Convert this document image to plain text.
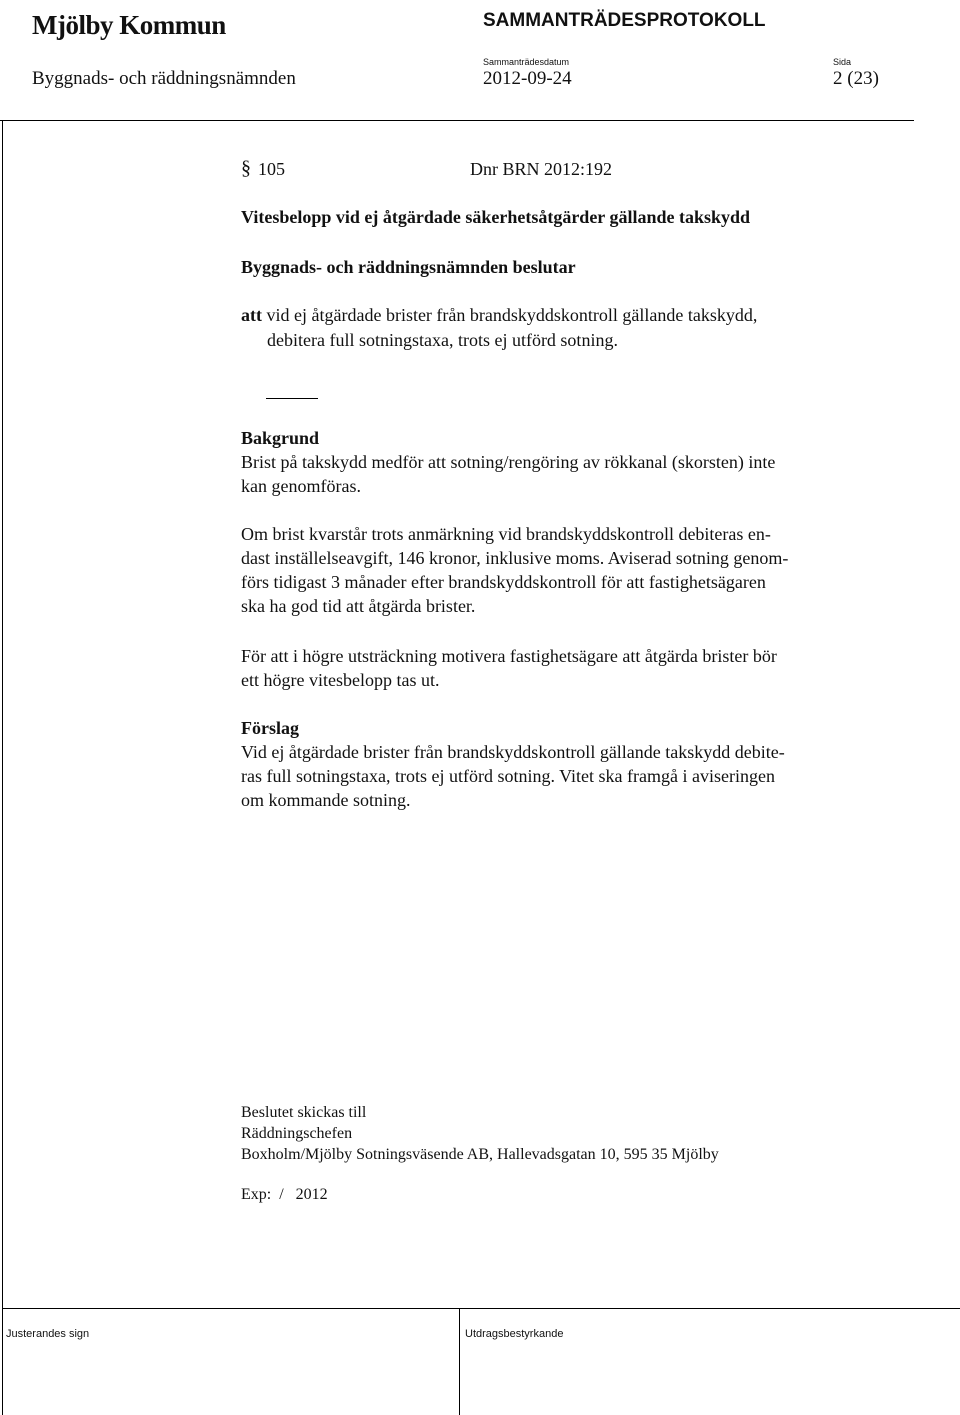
Mjölby Kommun	SAMMANTRÄDESPROTOKOLL
Sammanträdesdatum	Sida
Byggnads- och räddningsnämnden	2012-09-24	2 (23)
§ 105	Dnr BRN 2012:192
Vitesbelopp vid ej åtgärdade säkerhetsåtgärder gällande takskydd
Byggnads- och räddningsnämnden beslutar
att vid ej åtgärdade brister från brandskyddskontroll gällande takskydd,
debitera full sotningstaxa, trots ej utförd sotning.
Bakgrund
Brist på takskydd medför att sotning/rengöring av rökkanal (skorsten) inte
kan genomföras.
Om brist kvarstår trots anmärkning vid brandskyddskontroll debiteras en-
dast inställelseavgift, 146 kronor, inklusive moms. Aviserad sotning genom-
förs tidigast 3 månader efter brandskyddskontroll för att fastighetsägaren
ska ha god tid att åtgärda brister.
För att i högre utsträckning motivera fastighetsägare att åtgärda brister bör
ett högre vitesbelopp tas ut.
Förslag
Vid ej åtgärdade brister från brandskyddskontroll gällande takskydd debite-
ras full sotningstaxa, trots ej utförd sotning. Vitet ska framgå i aviseringen
om kommande sotning.
Beslutet skickas till
Räddningschefen
Boxholm/Mjölby Sotningsväsende AB, Hallevadsgatan 10, 595 35 Mjölby
Exp:  /   2012
Justerandes sign	Utdragsbestyrkande
